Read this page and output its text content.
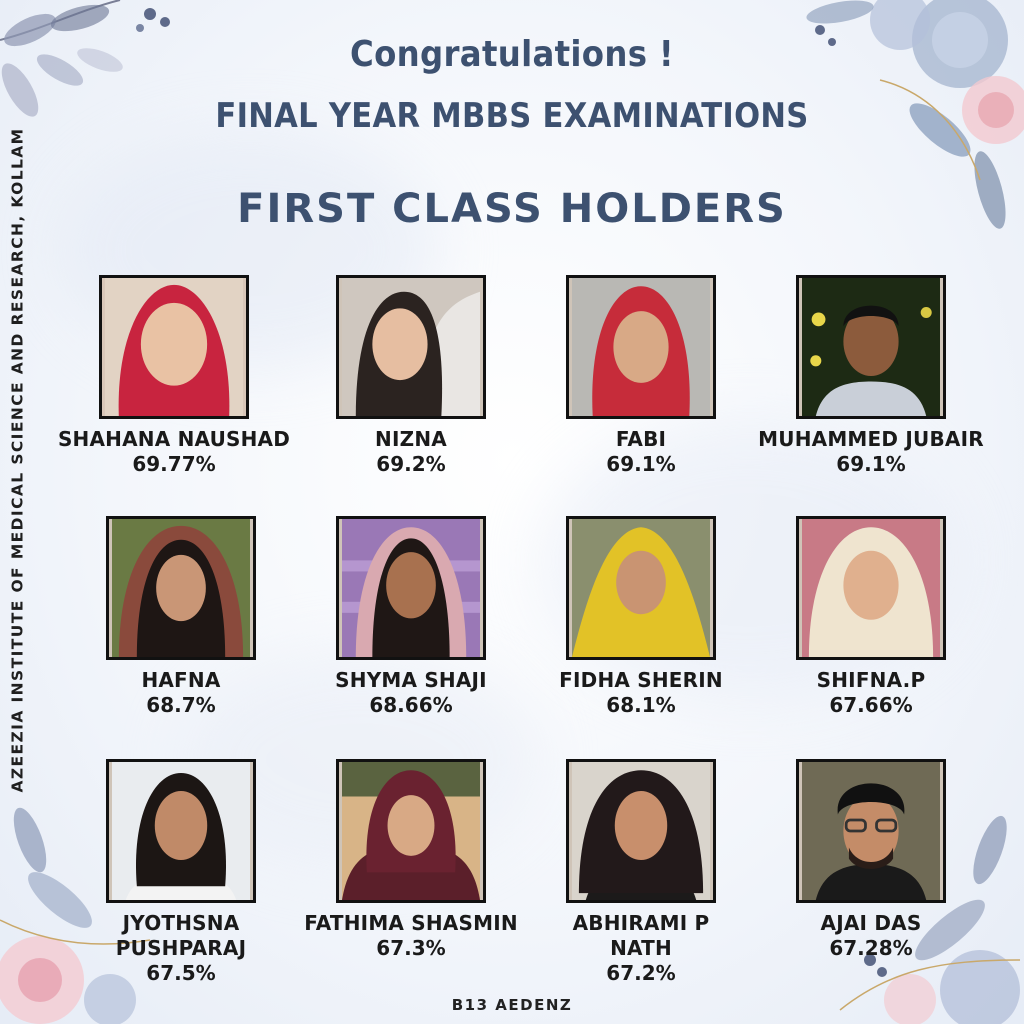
AZEEZIA INSTITUTE OF MEDICAL SCIENCE AND RESEARCH, KOLLAM
Congratulations !
FINAL YEAR MBBS EXAMINATIONS
FIRST CLASS HOLDERS
SHAHANA NAUSHAD
69.77%
NIZNA
69.2%
FABI
69.1%
MUHAMMED JUBAIR
69.1%
HAFNA
68.7%
SHYMA SHAJI
68.66%
FIDHA SHERIN
68.1%
SHIFNA.P
67.66%
JYOTHSNA
PUSHPARAJ
67.5%
FATHIMA SHASMIN
67.3%
ABHIRAMI P
NATH
67.2%
AJAI DAS
67.28%
B13 AEDENZ
